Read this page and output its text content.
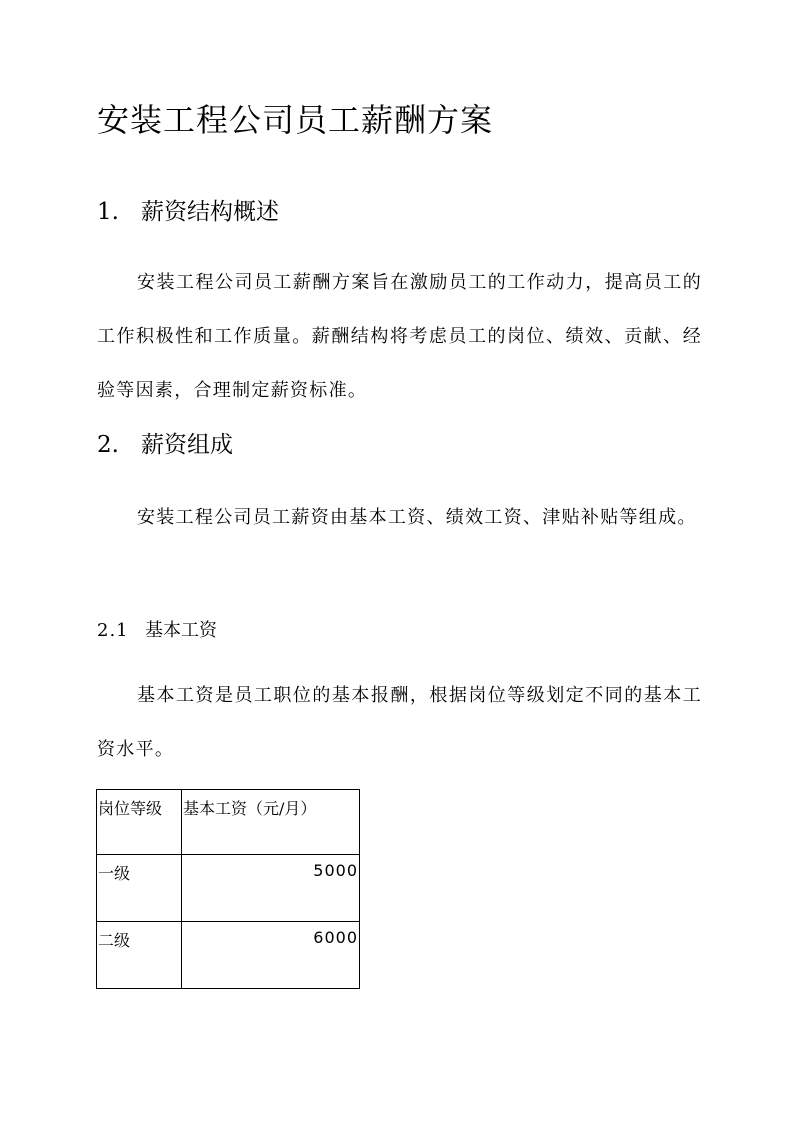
安装工程公司员工薪酬方案
1. 薪资结构概述

安装工程公司员工薪酬方案旨在激励员工的工作动力，提高员工的工作积极性和工作质量。薪酬结构将考虑员工的岗位、绩效、贡献、经验等因素，合理制定薪资标准。

2. 薪资组成

安装工程公司员工薪资由基本工资、绩效工资、津贴补贴等组成。

2.1 基本工资

基本工资是员工职位的基本报酬，根据岗位等级划定不同的基本工资水平。

岗位等级	基本工资（元/月）
一级	5000
二级	6000
